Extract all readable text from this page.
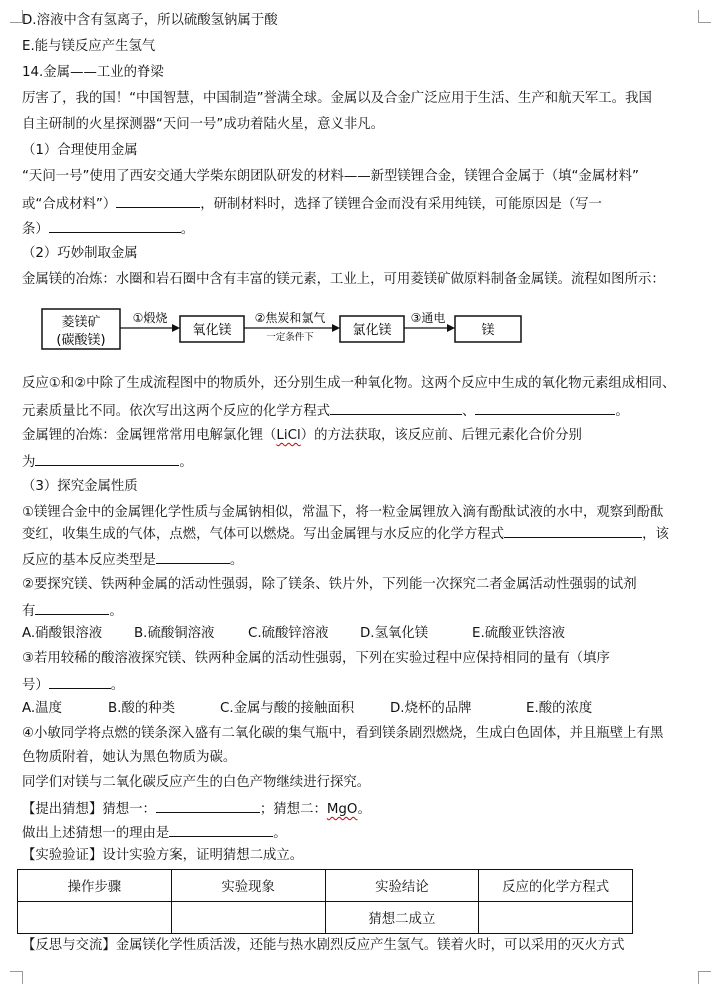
D.溶液中含有氢离子，所以硫酸氢钠属于酸
E.能与镁反应产生氢气
14.金属——工业的脊梁
厉害了，我的国！“中国智慧，中国制造”誉满全球。金属以及合金广泛应用于生活、生产和航天军工。我国
自主研制的火星探测器“天问一号”成功着陆火星，意义非凡。
（1）合理使用金属
“天问一号”使用了西安交通大学柴东朗团队研发的材料——新型镁锂合金，镁锂合金属于（填“金属材料”
或“合成材料”）	，研制材料时，选择了镁锂合金而没有采用纯镁，可能原因是（写一
条）	。
（2）巧妙制取金属
金属镁的冶炼：水圈和岩石圈中含有丰富的镁元素，工业上，可用菱镁矿做原料制备金属镁。流程如图所示：
菱镁矿
(碳酸镁)
①煅烧
氧化镁
②焦炭和氯气
一定条件下	氯化镁
③通电
镁
反应①和②中除了生成流程图中的物质外，还分别生成一种氧化物。这两个反应中生成的氧化物元素组成相同、
元素质量比不同。依次写出这两个反应的化学方程式	、	。
金属锂的冶炼：金属锂常常用电解氯化锂（LiCl）的方法获取，该反应前、后锂元素化合价分别
为	。
（3）探究金属性质
①镁锂合金中的金属锂化学性质与金属钠相似，常温下，将一粒金属锂放入滴有酚酞试液的水中，观察到酚酞
变红，收集生成的气体，点燃，气体可以燃烧。写出金属锂与水反应的化学方程式	，该
反应的基本反应类型是	。
②要探究镁、铁两种金属的活动性强弱，除了镁条、铁片外，下列能一次探究二者金属活动性强弱的试剂
有	。
A.硝酸银溶液 B.硫酸铜溶液	C.硫酸锌溶液 D.氢氧化镁	E.硫酸亚铁溶液
③若用较稀的酸溶液探究镁、铁两种金属的活动性强弱，下列在实验过程中应保持相同的量有（填序
号）	。
A.温度	B.酸的种类	C.金属与酸的接触面积	D.烧杯的品牌	E.酸的浓度
④小敏同学将点燃的镁条深入盛有二氧化碳的集气瓶中，看到镁条剧烈燃烧，生成白色固体，并且瓶壁上有黑
色物质附着，她认为黑色物质为碳。
同学们对镁与二氧化碳反应产生的白色产物继续进行探究。
【提出猜想】猜想一：	；猜想二：MgO。
做出上述猜想一的理由是	。
【实验验证】设计实验方案，证明猜想二成立。
操作步骤	实验现象	实验结论	反应的化学方程式
		猜想二成立	
【反思与交流】金属镁化学性质活泼，还能与热水剧烈反应产生氢气。镁着火时，可以采用的灭火方式
